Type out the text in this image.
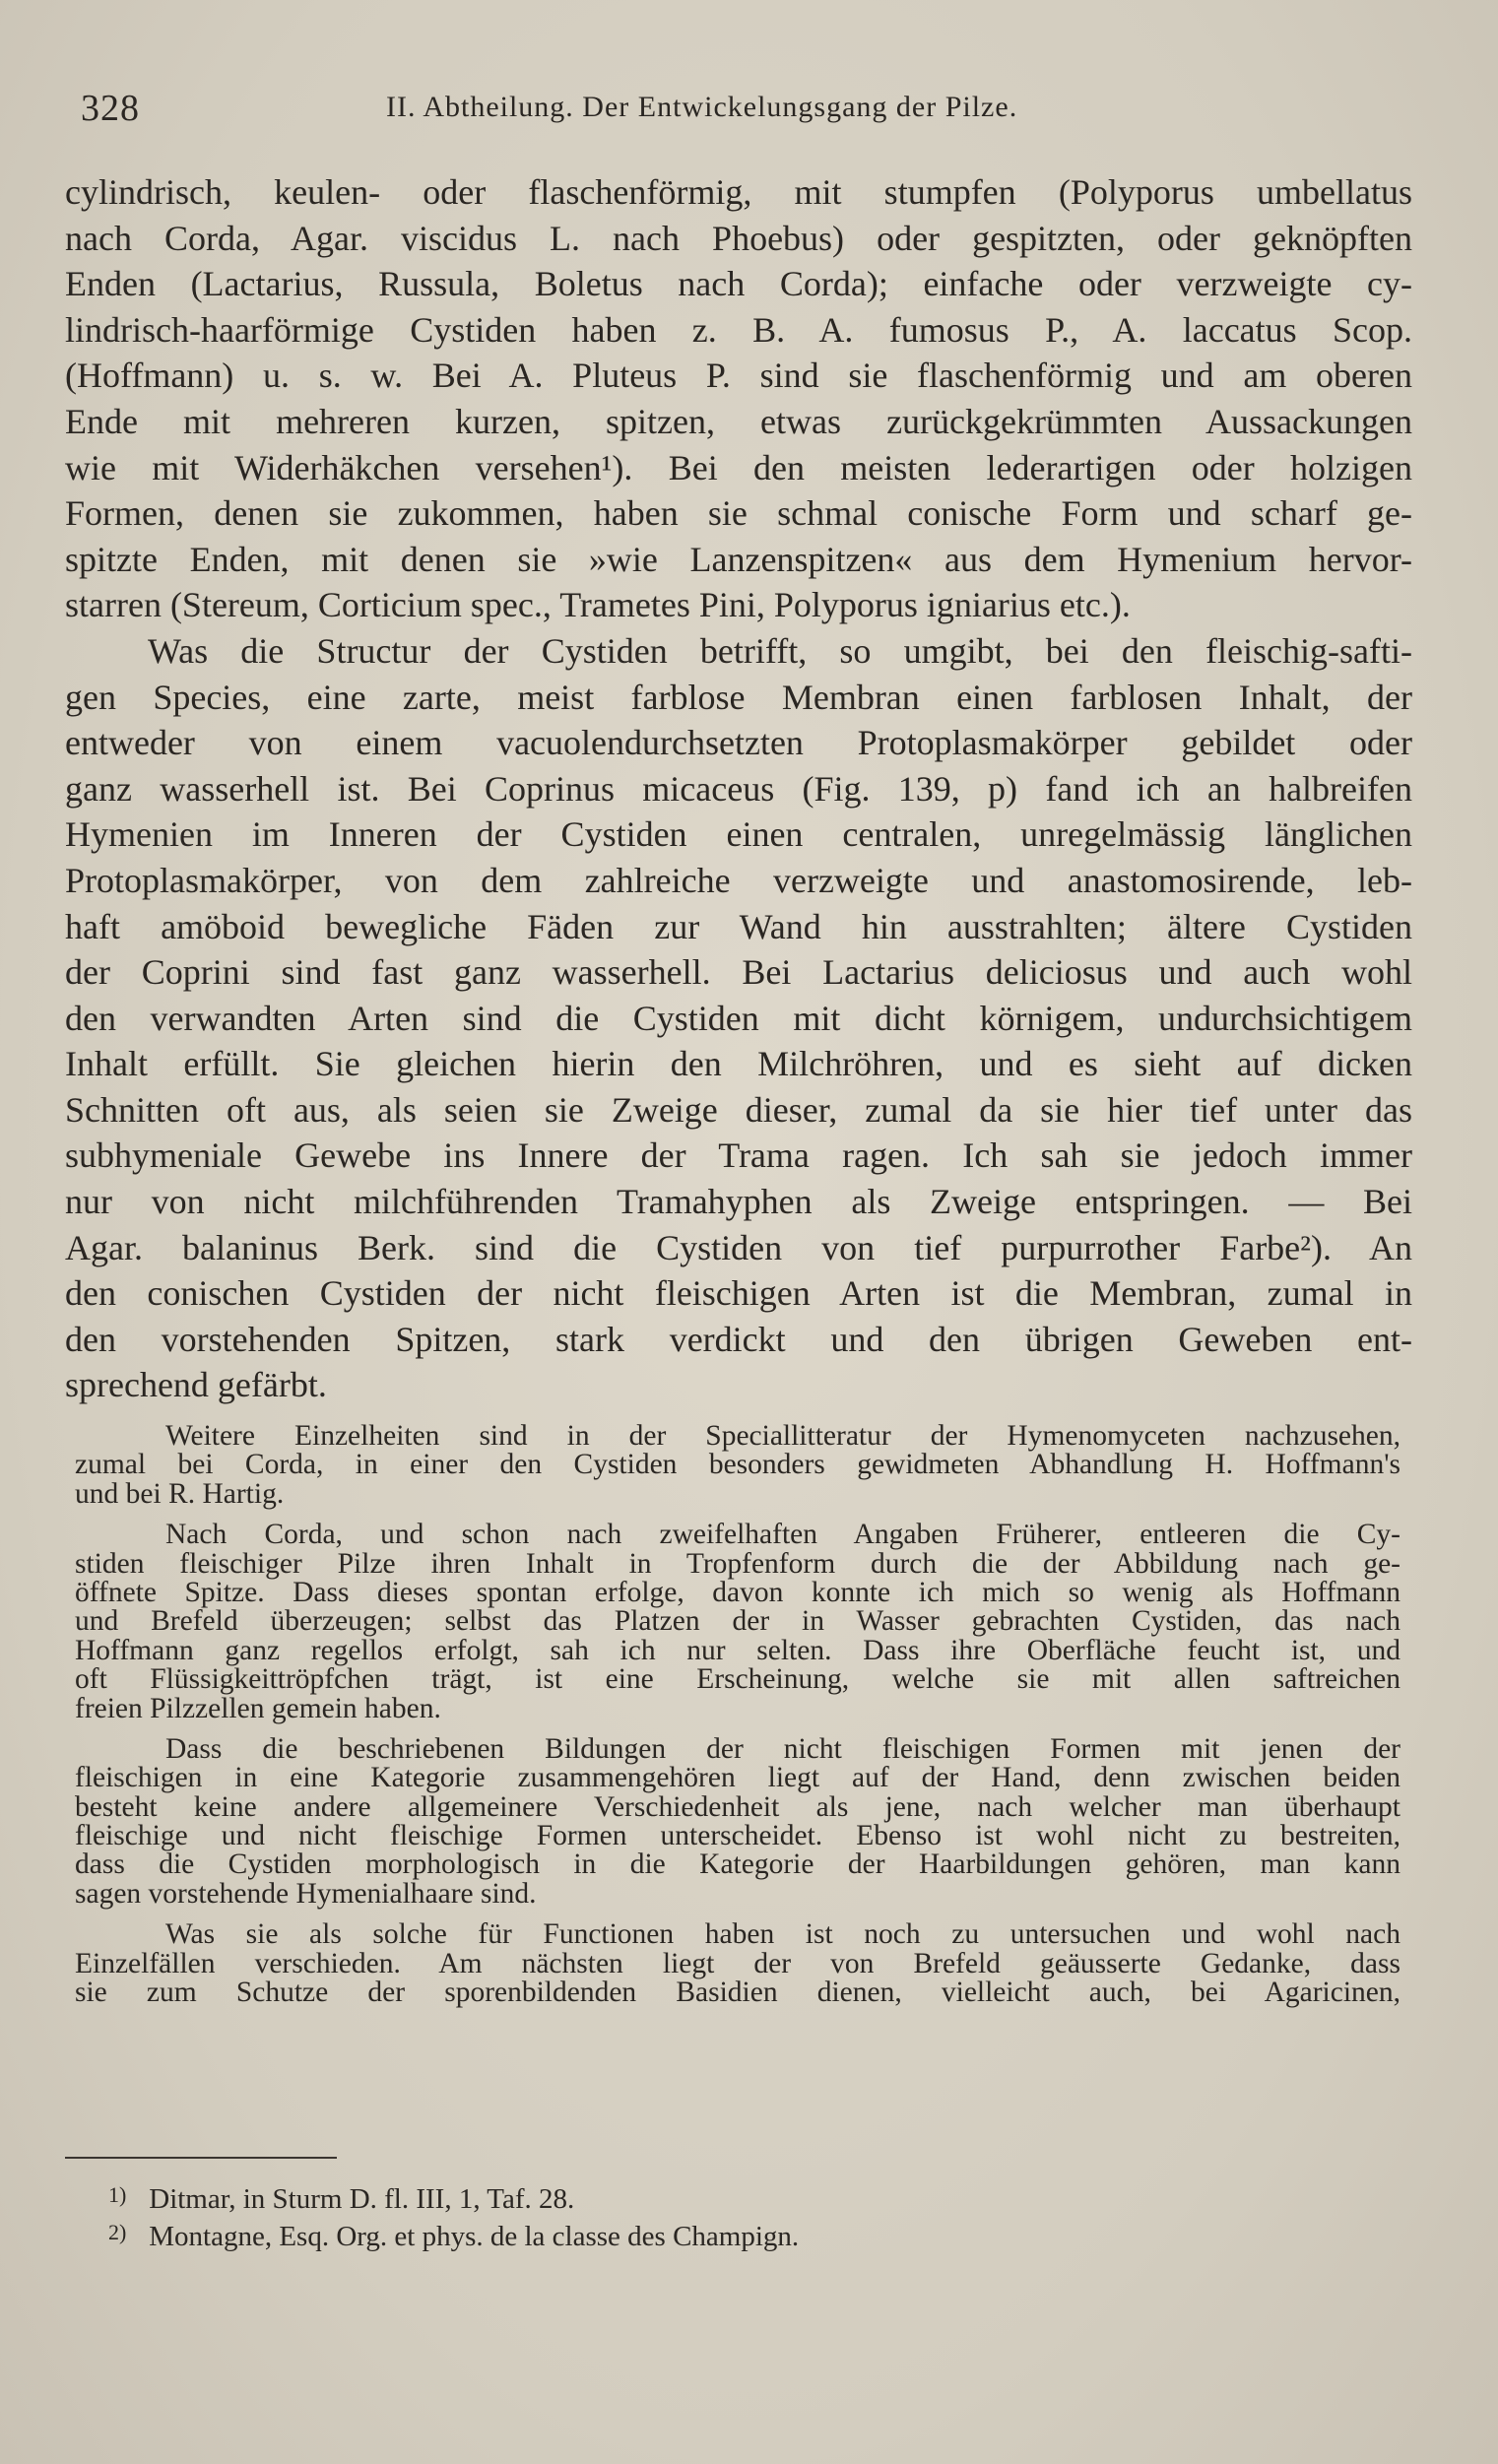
328	II. Abtheilung. Der Entwickelungsgang der Pilze.
cylindrisch, keulen- oder flaschenförmig, mit stumpfen (Polyporus umbellatus
nach Corda, Agar. viscidus L. nach Phoebus) oder gespitzten, oder geknöpften
Enden (Lactarius, Russula, Boletus nach Corda); einfache oder verzweigte cy-
lindrisch-haarförmige Cystiden haben z. B. A. fumosus P., A. laccatus Scop.
(Hoffmann) u. s. w. Bei A. Pluteus P. sind sie flaschenförmig und am oberen
Ende mit mehreren kurzen, spitzen, etwas zurückgekrümmten Aussackungen
wie mit Widerhäkchen versehen¹). Bei den meisten lederartigen oder holzigen
Formen, denen sie zukommen, haben sie schmal conische Form und scharf ge-
spitzte Enden, mit denen sie »wie Lanzenspitzen« aus dem Hymenium hervor-
starren (Stereum, Corticium spec., Trametes Pini, Polyporus igniarius etc.).
Was die Structur der Cystiden betrifft, so umgibt, bei den fleischig-safti-
gen Species, eine zarte, meist farblose Membran einen farblosen Inhalt, der
entweder von einem vacuolendurchsetzten Protoplasmakörper gebildet oder
ganz wasserhell ist. Bei Coprinus micaceus (Fig. 139, p) fand ich an halbreifen
Hymenien im Inneren der Cystiden einen centralen, unregelmässig länglichen
Protoplasmakörper, von dem zahlreiche verzweigte und anastomosirende, leb-
haft amöboid bewegliche Fäden zur Wand hin ausstrahlten; ältere Cystiden
der Coprini sind fast ganz wasserhell. Bei Lactarius deliciosus und auch wohl
den verwandten Arten sind die Cystiden mit dicht körnigem, undurchsichtigem
Inhalt erfüllt. Sie gleichen hierin den Milchröhren, und es sieht auf dicken
Schnitten oft aus, als seien sie Zweige dieser, zumal da sie hier tief unter das
subhymeniale Gewebe ins Innere der Trama ragen. Ich sah sie jedoch immer
nur von nicht milchführenden Tramahyphen als Zweige entspringen. — Bei
Agar. balaninus Berk. sind die Cystiden von tief purpurrother Farbe²). An
den conischen Cystiden der nicht fleischigen Arten ist die Membran, zumal in
den vorstehenden Spitzen, stark verdickt und den übrigen Geweben ent-
sprechend gefärbt.
Weitere Einzelheiten sind in der Speciallitteratur der Hymenomyceten nachzusehen,
zumal bei Corda, in einer den Cystiden besonders gewidmeten Abhandlung H. Hoffmann's
und bei R. Hartig.
Nach Corda, und schon nach zweifelhaften Angaben Früherer, entleeren die Cy-
stiden fleischiger Pilze ihren Inhalt in Tropfenform durch die der Abbildung nach ge-
öffnete Spitze. Dass dieses spontan erfolge, davon konnte ich mich so wenig als Hoffmann
und Brefeld überzeugen; selbst das Platzen der in Wasser gebrachten Cystiden, das nach
Hoffmann ganz regellos erfolgt, sah ich nur selten. Dass ihre Oberfläche feucht ist, und
oft Flüssigkeittröpfchen trägt, ist eine Erscheinung, welche sie mit allen saftreichen
freien Pilzzellen gemein haben.
Dass die beschriebenen Bildungen der nicht fleischigen Formen mit jenen der
fleischigen in eine Kategorie zusammengehören liegt auf der Hand, denn zwischen beiden
besteht keine andere allgemeinere Verschiedenheit als jene, nach welcher man überhaupt
fleischige und nicht fleischige Formen unterscheidet. Ebenso ist wohl nicht zu bestreiten,
dass die Cystiden morphologisch in die Kategorie der Haarbildungen gehören, man kann
sagen vorstehende Hymenialhaare sind.
Was sie als solche für Functionen haben ist noch zu untersuchen und wohl nach
Einzelfällen verschieden. Am nächsten liegt der von Brefeld geäusserte Gedanke, dass
sie zum Schutze der sporenbildenden Basidien dienen, vielleicht auch, bei Agaricinen,
1) Ditmar, in Sturm D. fl. III, 1, Taf. 28.
2) Montagne, Esq. Org. et phys. de la classe des Champign.
